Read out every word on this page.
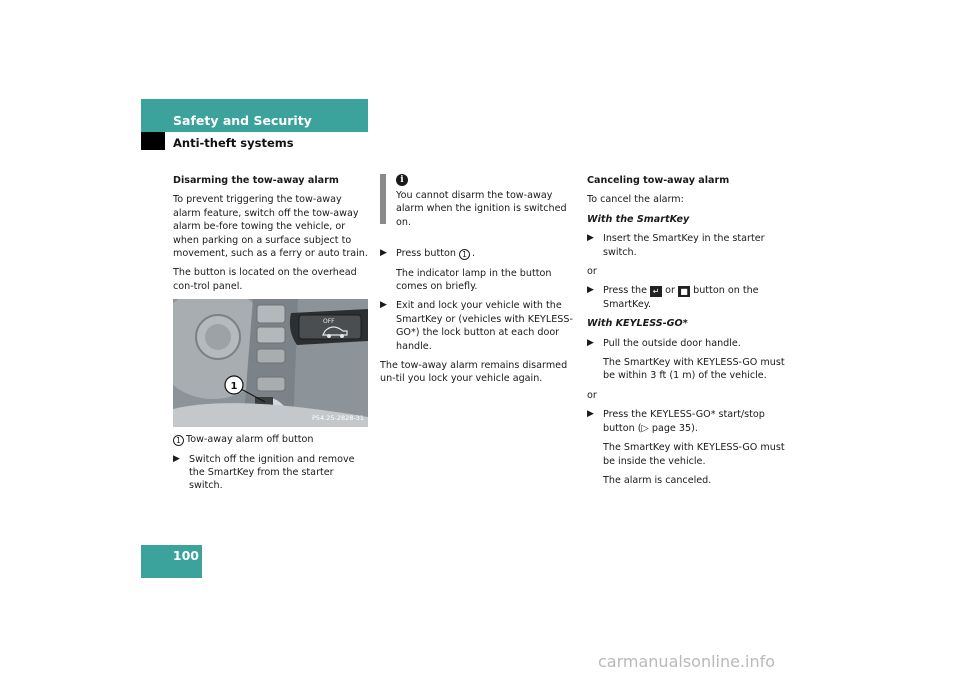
Safety and Security
Anti-theft systems
Disarming the tow-away alarm
To prevent triggering the tow-away alarm feature, switch off the tow-away alarm be-fore towing the vehicle, or when parking on a surface subject to movement, such as a ferry or auto train.
The button is located on the overhead con-trol panel.
OFF
1
P54.25-2828-31
1 Tow-away alarm off button
▶ Switch off the ignition and remove the SmartKey from the starter switch.
i
You cannot disarm the tow-away alarm when the ignition is switched on.
▶ Press button 1 .
The indicator lamp in the button comes on briefly.
▶ Exit and lock your vehicle with the SmartKey or (vehicles with KEYLESS-GO*) the lock button at each door handle.
The tow-away alarm remains disarmed un-til you lock your vehicle again.
Canceling tow-away alarm
To cancel the alarm:
With the SmartKey
▶ Insert the SmartKey in the starter switch.
or
▶ Press the ↵ or ■ button on the SmartKey.
With KEYLESS-GO*
▶ Pull the outside door handle.
The SmartKey with KEYLESS-GO must be within 3 ft (1 m) of the vehicle.
or
▶ Press the KEYLESS-GO* start/stop button (▷ page 35).
The SmartKey with KEYLESS-GO must be inside the vehicle.
The alarm is canceled.
100
carmanualsonline.info
